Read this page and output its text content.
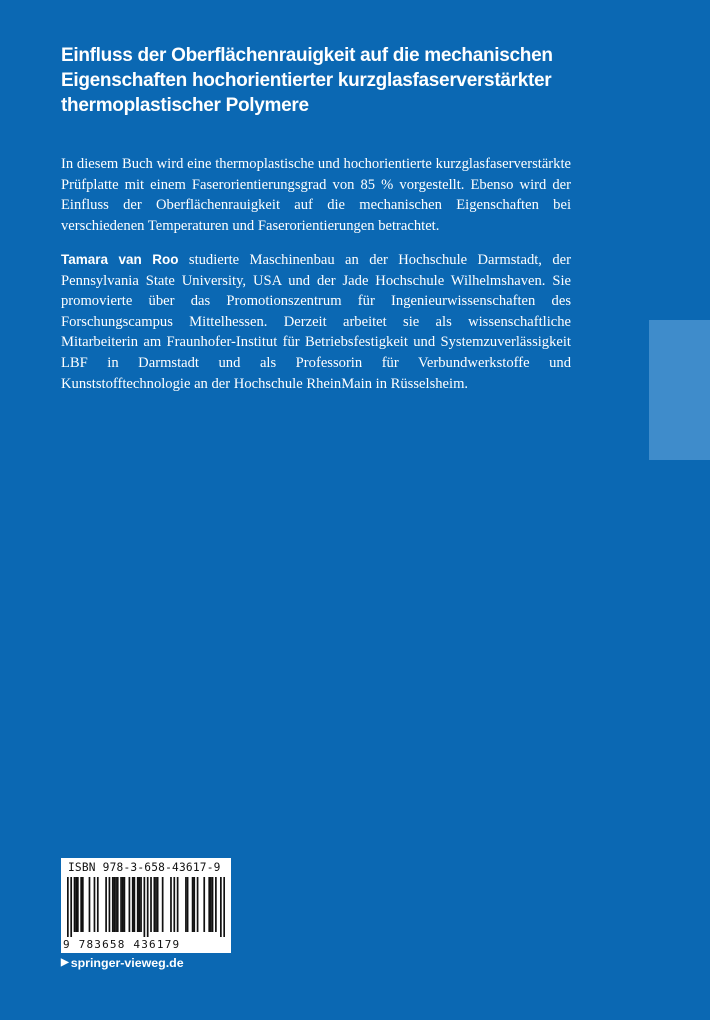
Einfluss der Oberflächenrauigkeit auf die mechanischen
Eigenschaften hochorientierter kurzglasfaserverstärkter
thermoplastischer Polymere

In diesem Buch wird eine thermoplastische und hochorientierte kurzglasfaserverstärkte Prüfplatte mit einem Faserorientierungsgrad von 85 % vorgestellt. Ebenso wird der Einfluss der Oberflächenrauigkeit auf die mechanischen Eigenschaften bei verschiedenen Temperaturen und Faserorientierungen betrachtet.

Tamara van Roo studierte Maschinenbau an der Hochschule Darmstadt, der Pennsylvania State University, USA und der Jade Hochschule Wilhelmshaven. Sie promovierte über das Promotionszentrum für Ingenieurwissenschaften des Forschungscampus Mittelhessen. Derzeit arbeitet sie als wissenschaftliche Mitarbeiterin am Fraunhofer-Institut für Betriebsfestigkeit und Systemzuverlässigkeit LBF in Darmstadt und als Professorin für Verbundwerkstoffe und Kunststofftechnologie an der Hochschule RheinMain in Rüsselsheim.

ISBN 978-3-658-43617-9
9 783658 436179
▶ springer-vieweg.de
